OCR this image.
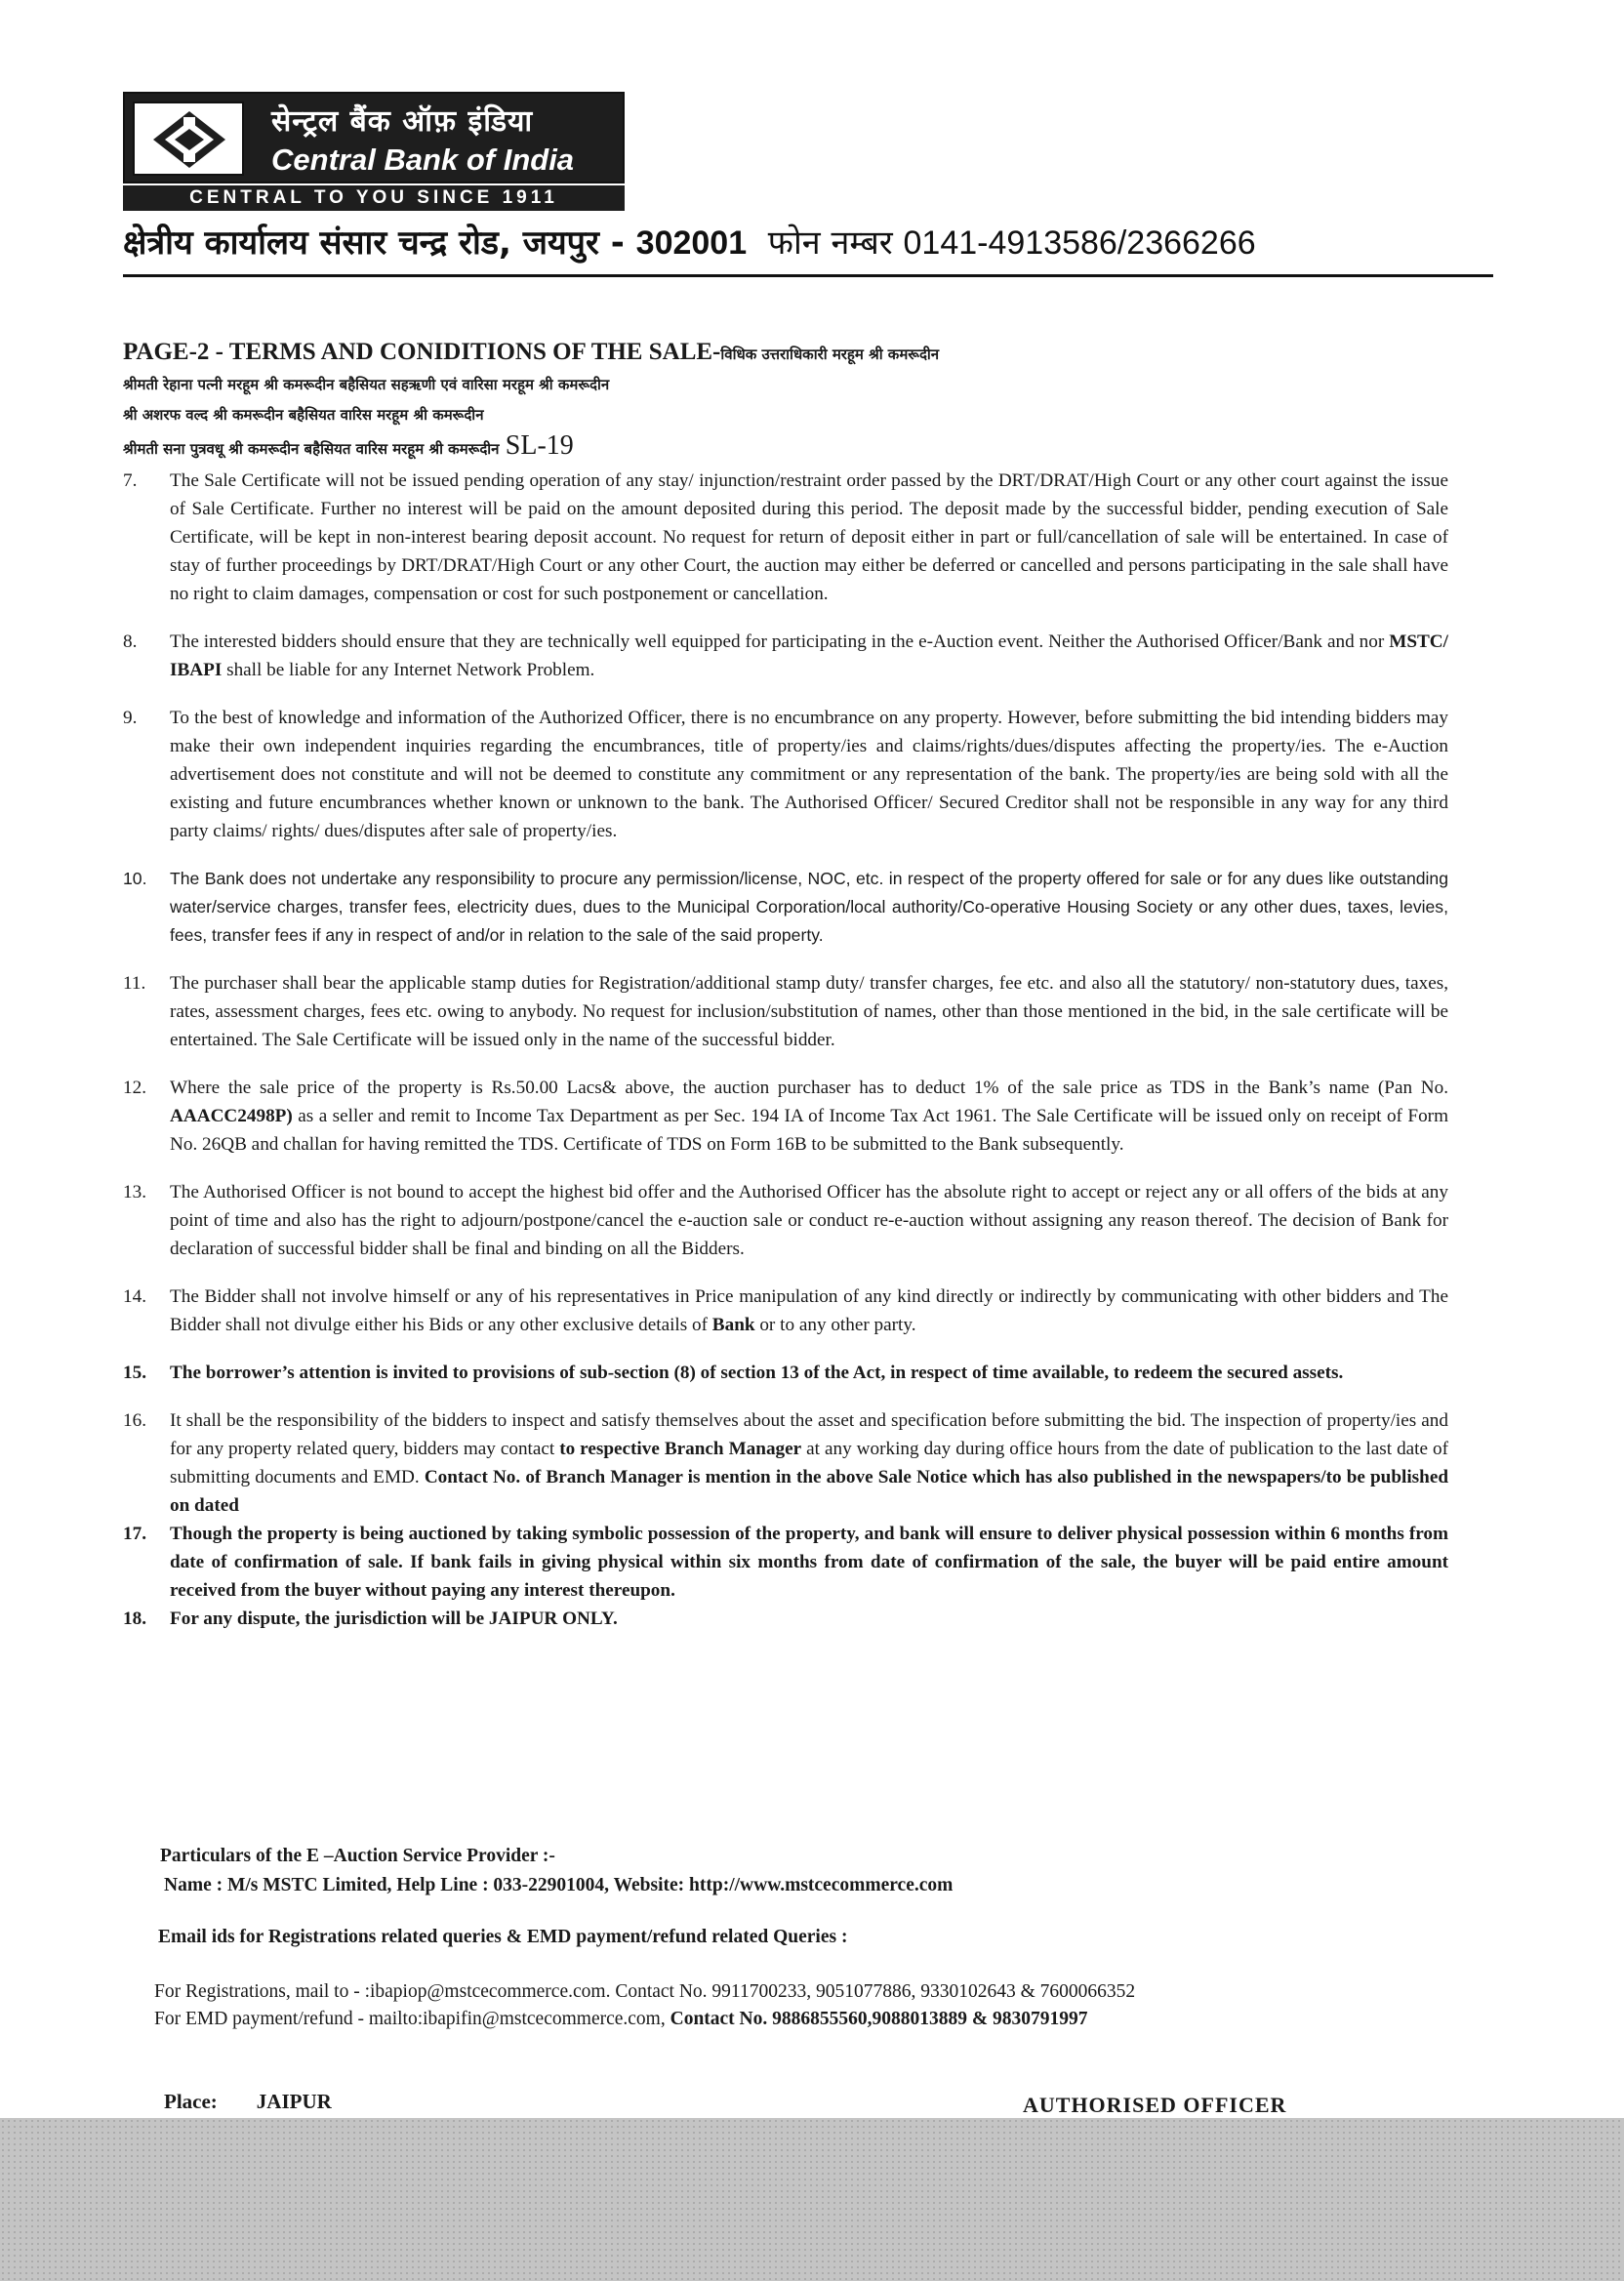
सेन्ट्रल बैंक ऑफ़ इंडिया
Central Bank of India
CENTRAL TO YOU SINCE 1911
क्षेत्रीय कार्यालय संसार चन्द्र रोड, जयपुर - 302001 फोन नम्बर 0141-4913586/2366266
PAGE-2 - TERMS AND CONIDITIONS OF THE SALE-विधिक उत्तराधिकारी मरहूम श्री कमरूदीन
श्रीमती रेहाना पत्नी मरहूम श्री कमरूदीन बहैसियत सहऋणी एवं वारिसा मरहूम श्री कमरूदीन
श्री अशरफ वल्द श्री कमरूदीन बहैसियत वारिस मरहूम श्री कमरूदीन
श्रीमती सना पुत्रवधू श्री कमरूदीन बहैसियत वारिस मरहूम श्री कमरूदीन SL-19
7. The Sale Certificate will not be issued pending operation of any stay/ injunction/restraint order passed by the DRT/DRAT/High Court or any other court against the issue of Sale Certificate. Further no interest will be paid on the amount deposited during this period. The deposit made by the successful bidder, pending execution of Sale Certificate, will be kept in non-interest bearing deposit account. No request for return of deposit either in part or full/cancellation of sale will be entertained. In case of stay of further proceedings by DRT/DRAT/High Court or any other Court, the auction may either be deferred or cancelled and persons participating in the sale shall have no right to claim damages, compensation or cost for such postponement or cancellation.
8. The interested bidders should ensure that they are technically well equipped for participating in the e-Auction event. Neither the Authorised Officer/Bank and nor MSTC/ IBAPI shall be liable for any Internet Network Problem.
9. To the best of knowledge and information of the Authorized Officer, there is no encumbrance on any property. However, before submitting the bid intending bidders may make their own independent inquiries regarding the encumbrances, title of property/ies and claims/rights/dues/disputes affecting the property/ies. The e-Auction advertisement does not constitute and will not be deemed to constitute any commitment or any representation of the bank. The property/ies are being sold with all the existing and future encumbrances whether known or unknown to the bank. The Authorised Officer/ Secured Creditor shall not be responsible in any way for any third party claims/ rights/ dues/disputes after sale of property/ies.
10. The Bank does not undertake any responsibility to procure any permission/license, NOC, etc. in respect of the property offered for sale or for any dues like outstanding water/service charges, transfer fees, electricity dues, dues to the Municipal Corporation/local authority/Co-operative Housing Society or any other dues, taxes, levies, fees, transfer fees if any in respect of and/or in relation to the sale of the said property.
11. The purchaser shall bear the applicable stamp duties for Registration/additional stamp duty/ transfer charges, fee etc. and also all the statutory/ non-statutory dues, taxes, rates, assessment charges, fees etc. owing to anybody. No request for inclusion/substitution of names, other than those mentioned in the bid, in the sale certificate will be entertained. The Sale Certificate will be issued only in the name of the successful bidder.
12. Where the sale price of the property is Rs.50.00 Lacs& above, the auction purchaser has to deduct 1% of the sale price as TDS in the Bank’s name (Pan No. AAACC2498P) as a seller and remit to Income Tax Department as per Sec. 194 IA of Income Tax Act 1961. The Sale Certificate will be issued only on receipt of Form No. 26QB and challan for having remitted the TDS. Certificate of TDS on Form 16B to be submitted to the Bank subsequently.
13. The Authorised Officer is not bound to accept the highest bid offer and the Authorised Officer has the absolute right to accept or reject any or all offers of the bids at any point of time and also has the right to adjourn/postpone/cancel the e-auction sale or conduct re-e-auction without assigning any reason thereof. The decision of Bank for declaration of successful bidder shall be final and binding on all the Bidders.
14. The Bidder shall not involve himself or any of his representatives in Price manipulation of any kind directly or indirectly by communicating with other bidders and The Bidder shall not divulge either his Bids or any other exclusive details of Bank or to any other party.
15. The borrower’s attention is invited to provisions of sub-section (8) of section 13 of the Act, in respect of time available, to redeem the secured assets.
16. It shall be the responsibility of the bidders to inspect and satisfy themselves about the asset and specification before submitting the bid. The inspection of property/ies and for any property related query, bidders may contact to respective Branch Manager at any working day during office hours from the date of publication to the last date of submitting documents and EMD. Contact No. of Branch Manager is mention in the above Sale Notice which has also published in the newspapers/to be published on dated
17. Though the property is being auctioned by taking symbolic possession of the property, and bank will ensure to deliver physical possession within 6 months from date of confirmation of sale. If bank fails in giving physical within six months from date of confirmation of the sale, the buyer will be paid entire amount received from the buyer without paying any interest thereupon.
18. For any dispute, the jurisdiction will be JAIPUR ONLY.
Particulars of the E –Auction Service Provider :-
Name : M/s MSTC Limited, Help Line : 033-22901004, Website: http://www.mstcecommerce.com
Email ids for Registrations related queries & EMD payment/refund related Queries :
For Registrations, mail to - :ibapiop@mstcecommerce.com. Contact No. 9911700233, 9051077886, 9330102643 & 7600066352
For EMD payment/refund - mailto:ibapifin@mstcecommerce.com, Contact No. 9886855560,9088013889 & 9830791997
Place: JAIPUR	AUTHORISED OFFICER
